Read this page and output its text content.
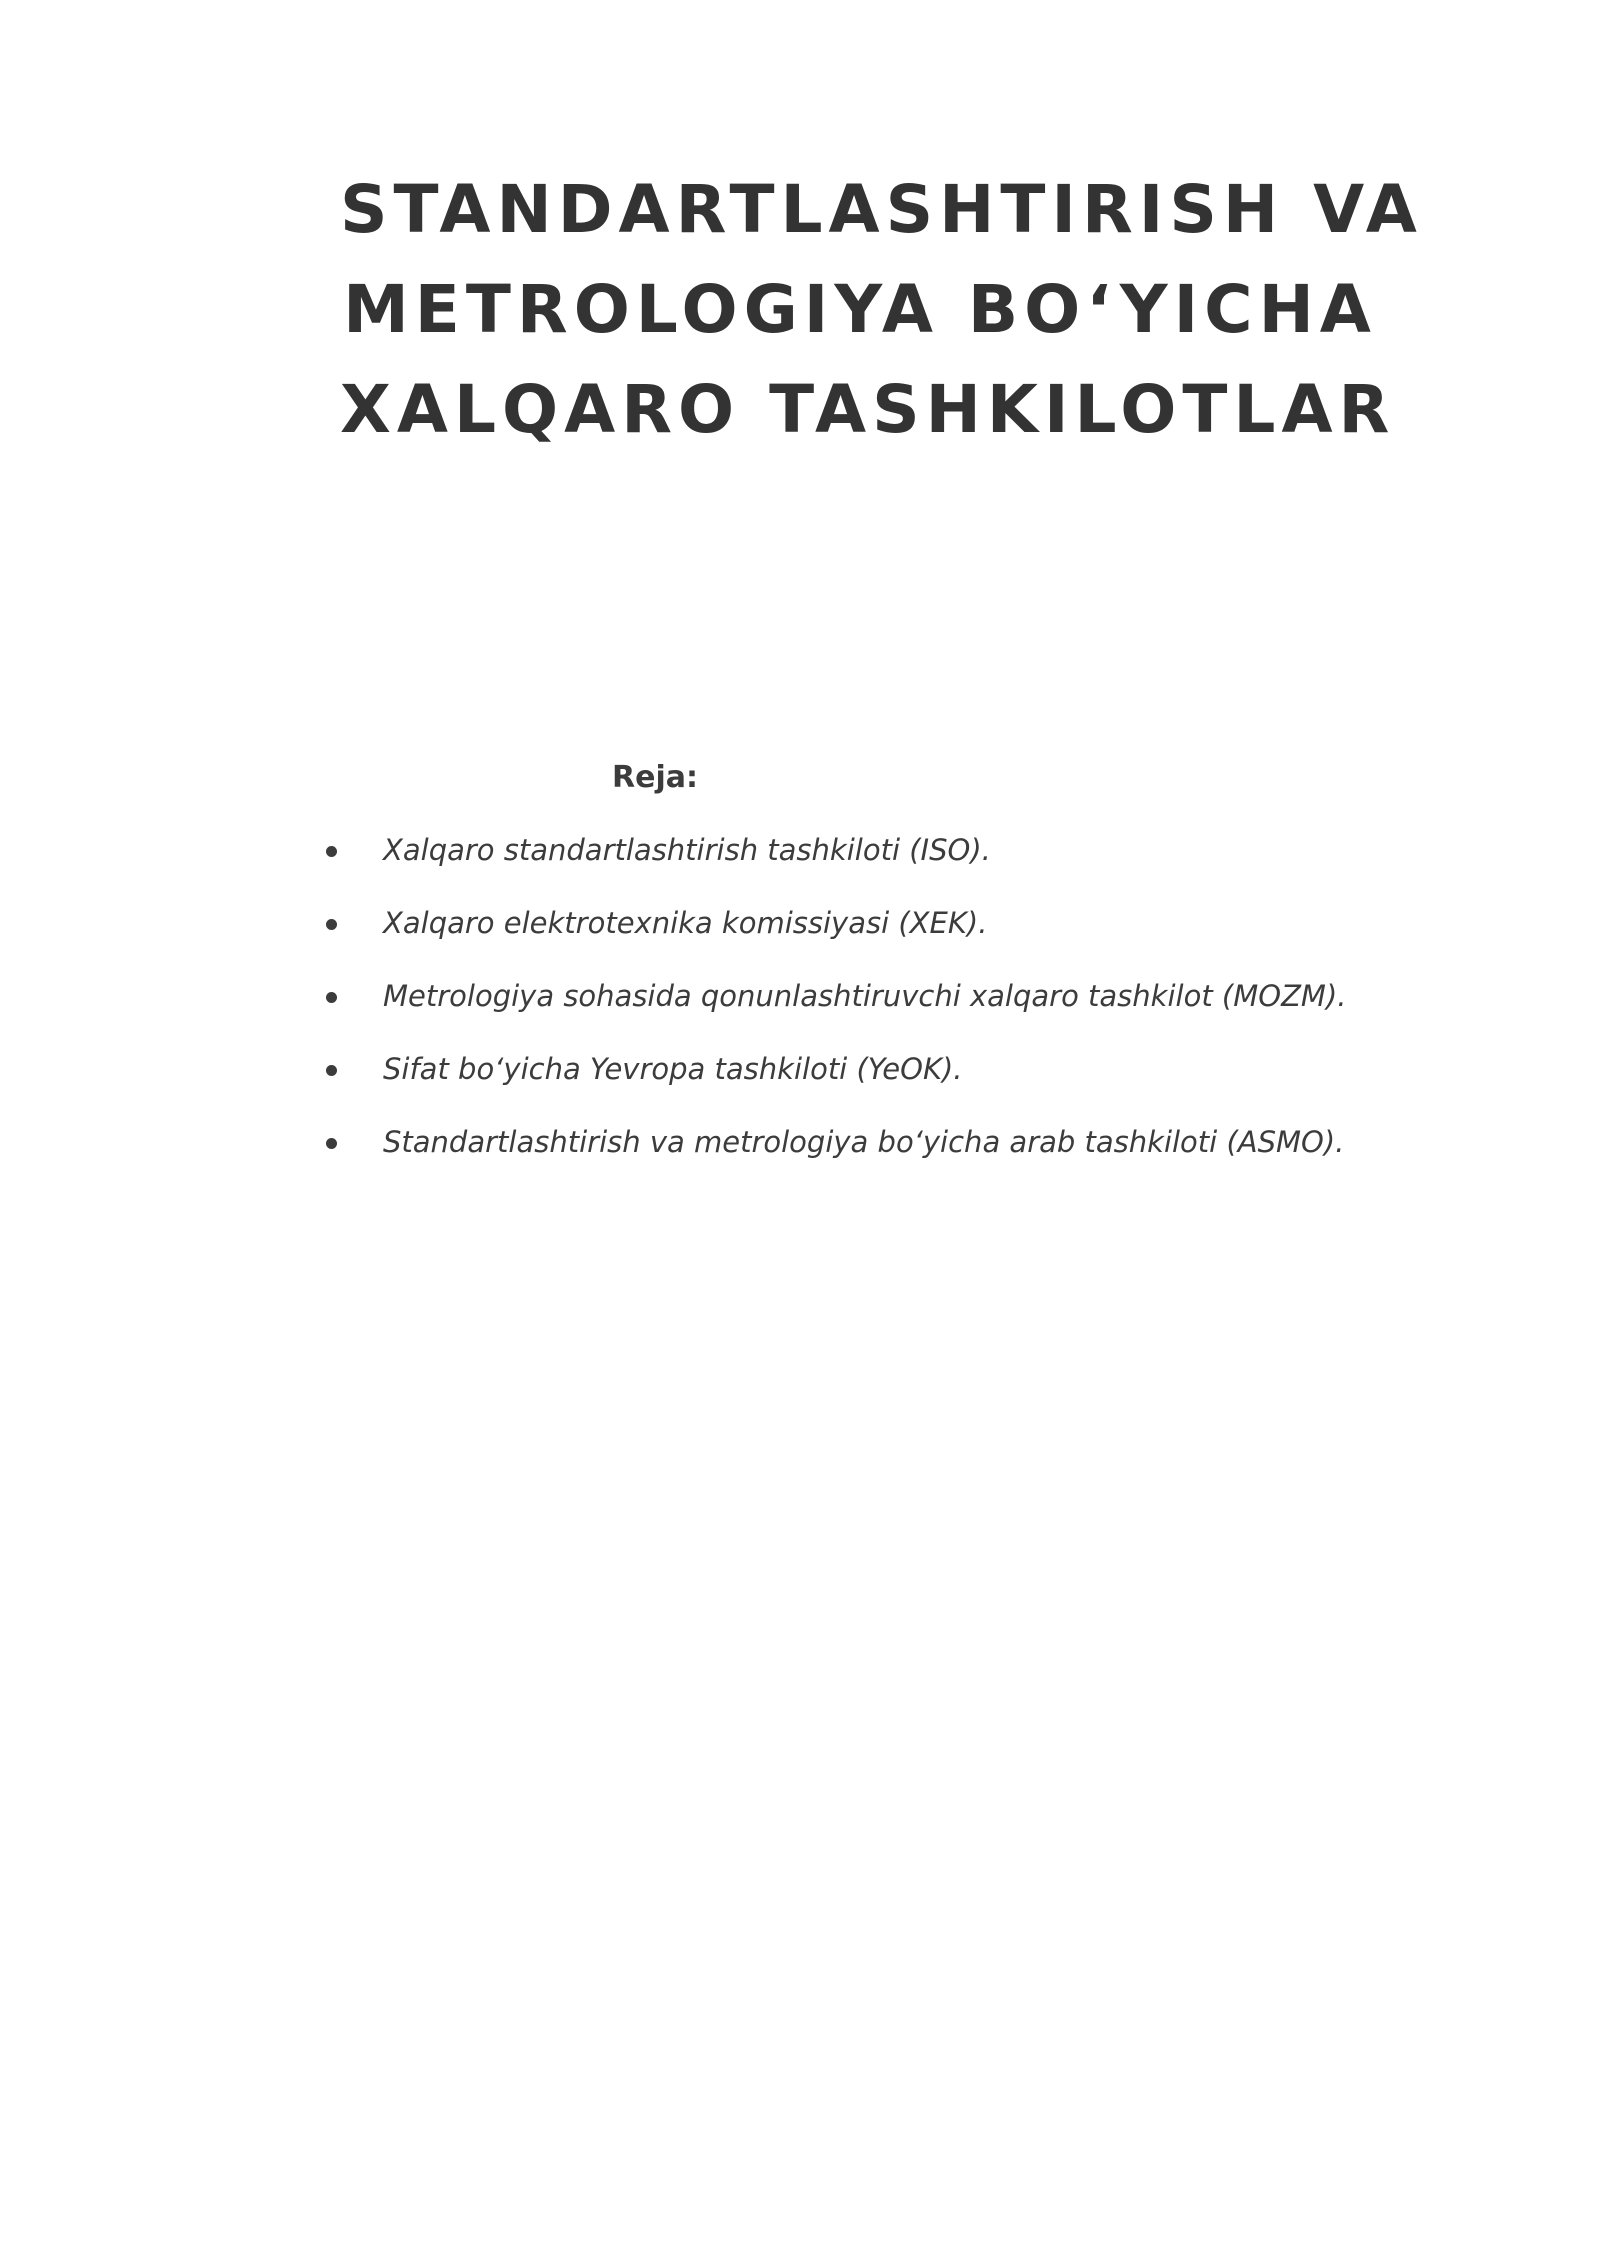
STANDARTLASHTIRISH VA
METROLOGIYA BO‘YICHA
XALQARO TASHKILOTLAR

Reja:

Xalqaro standartlashtirish tashkiloti (ISO).
Xalqaro elektrotexnika komissiyasi (XEK).
Metrologiya sohasida qonunlashtiruvchi xalqaro tashkilot (MOZM).
Sifat bo‘yicha Yevropa tashkiloti (YeOK).
Standartlashtirish va metrologiya bo‘yicha arab tashkiloti (ASMO).
